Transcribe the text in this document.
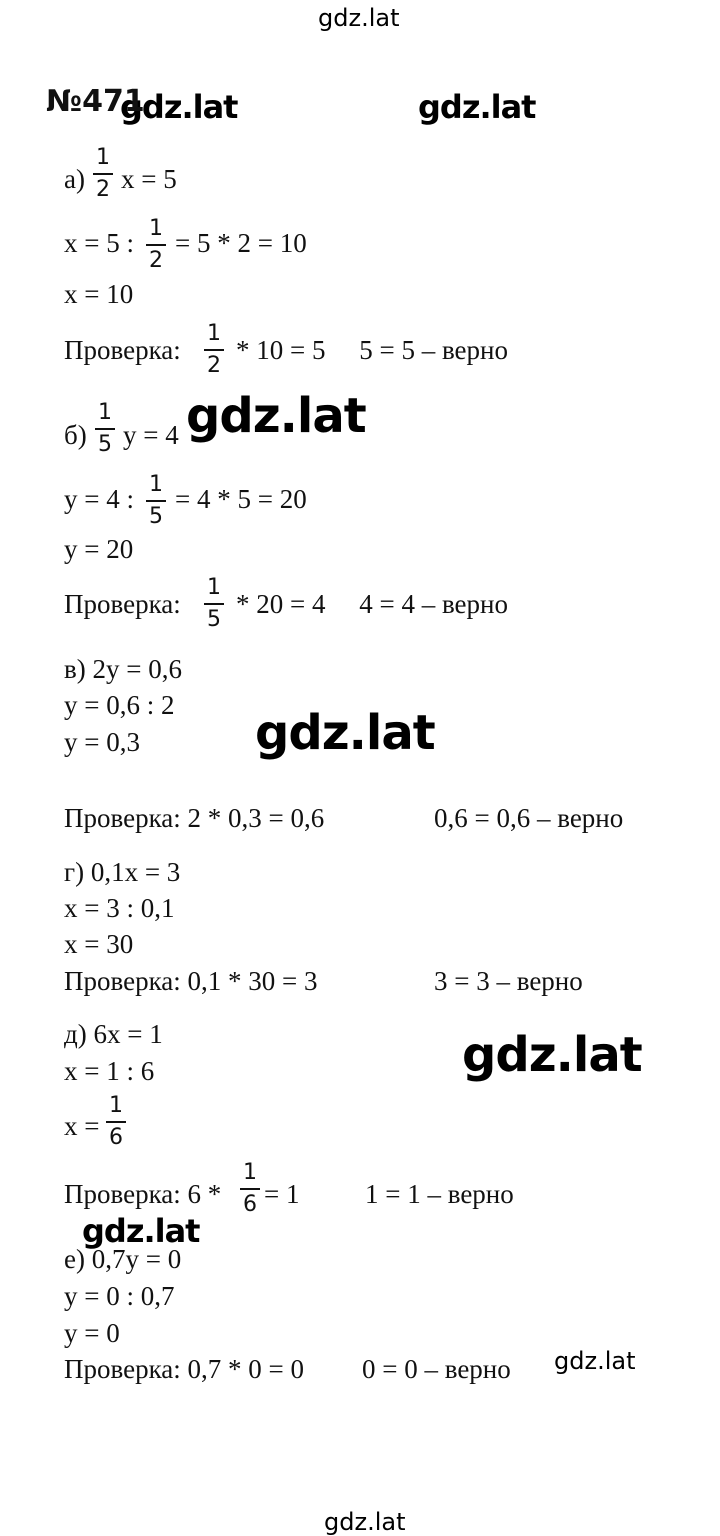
gdz.lat
gdz.lat	gdz.lat
gdz.lat
gdz.lat
gdz.lat
gdz.lat
gdz.lat
gdz.lat
№471
а)
1
2 x = 5
x = 5 : 1
2
= 5 * 2 = 10
x = 10
Проверка:
1
2
* 10 = 5     5 = 5 – верно
б)
1
5 y = 4
y = 4 : 1
5
= 4 * 5 = 20
y = 20
Проверка:
1
5
* 20 = 4     4 = 4 – верно
в) 2y = 0,6
y = 0,6 : 2
y = 0,3
Проверка: 2 * 0,3 = 0,6	0,6 = 0,6 – верно
г) 0,1x = 3
x = 3 : 0,1
x = 30
Проверка: 0,1 * 30 = 3	3 = 3 – верно
д) 6x = 1
x = 1 : 6
x =
1
6
Проверка: 6 *
1
6 = 1 1 = 1 – верно
е) 0,7y = 0
y = 0 : 0,7
y = 0
Проверка: 0,7 * 0 = 0 0 = 0 – верно
